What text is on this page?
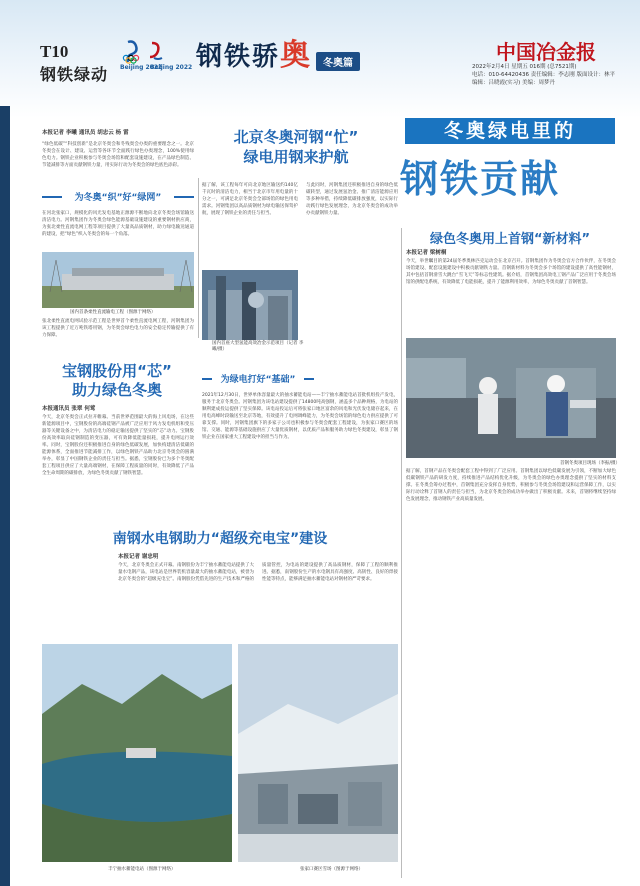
T10
钢铁绿动 Beijing 2022
Beijing 2022 钢铁骄奥	冬奥篇	中国冶金报
2022年2月4日 星期五 016期 (总7521期)
电话：010-64420436 责任编辑：李志刚 版面设计：林平
编辑：吕晓霞(实习) 美编：周梦丹
冬奥绿电里的
钢铁贡献
本报记者 李曦 通讯员 胡忠云 杨 雷
“绿色低碳”“科技创新”是北京冬奥会和冬残奥会办奥的重要理念之一。北京冬奥会在设计、建设、运营等各环节全面践行绿色办奥理念，100%使用绿色电力。钢铁企业积极参与冬奥会场馆和配套设施建设，在产品绿色制造、节能减排等方面贡献钢铁力量，用实际行动为冬奥会的绿色底色添彩。
北京冬奥河钢“忙”
绿电用钢来护航
为冬奥“织”好“绿网”
在河北张家口，规模化的风光发电基地正源源不断地向北京冬奥会场馆输送清洁电力。河钢集团作为冬奥会绿色能源基础设施建设的重要钢材供应商，为张北柔性直流电网工程等项目提供了大量高品质钢材，助力绿电输送通道的建设，把“绿色”织入冬奥会的每一个角落。
国内首条柔性直流输电工程（图源于网络）
张北柔性直流电网试验示范工程是世界首个柔性直流电网工程，河钢集团为该工程提供了近万吨铁塔用钢，为冬奥会绿色电力的安全稳定传输提供了有力保障。
据了解，该工程每年可向北京地区输送约140亿千瓦时的清洁电力，相当于北京市年用电量的十分之一，可满足北京冬奥会全部场馆的绿色用电需求。河钢集团以高品质钢材为绿电输送保驾护航，展现了钢铁企业的责任与担当。
国内首座大型氢能高效冶金示范项目（记者 李曦/摄）
与此同时，河钢集团还积极推进自身的绿色低碳转型，通过发展氢冶金、推广清洁能源应用等多种举措，持续降低碳排放强度，以实际行动践行绿色发展理念，为北京冬奥会的成功举办贡献钢铁力量。
宝钢股份用“芯”
助力绿色冬奥
本报通讯员 张翠 何莺
今天，北京冬奥会正式拉开帷幕。当前世界范围最大的海上风电场，在这些新能源项目中，宝钢股份的高端硅钢产品被广泛应用于风力发电机组和变压器等关键设备之中，为清洁电力的稳定输送提供了坚实的“芯”动力。宝钢股份高效率取向硅钢制造的变压器，可有效降低能量损耗，提升电网运行效率。同时，宝钢股份还积极推进自身的绿色低碳发展，加快构建清洁低碳的能源体系，全面推进节能减排工作，以绿色钢铁产品助力北京冬奥会的圆满举办，彰显了中国钢铁企业的责任与担当。据悉，宝钢股份已为多个冬奥配套工程项目供应了大量高端钢材，在保障工程质量的同时，有效降低了产品全生命周期的碳排放，为绿色冬奥贡献了钢铁智慧。
为绿电打好“基础”
2021年12月30日，世界单体容量最大的抽水蓄能电站——丰宁抽水蓄能电站首批机组投产发电，服务于北京冬奥会。河钢集团为该电站建设提供了14800吨高强钢，涵盖多个品种规格，为电站的顺利建成投运提供了坚实保障。该电站投运后可将张家口地区富余的风电和光伏发电储存起来，在用电高峰时段输送至北京等地，有效提升了电网调峰能力，为冬奥会场馆的绿色电力供应提供了可靠支撑。同时，河钢集团旗下的多家子公司也积极参与冬奥会配套工程建设，为张家口赛区的场馆、交通、能源等基础设施供应了大量优质钢材，以优质产品和服务助力绿色冬奥建设，彰显了钢铁企业在国家重大工程建设中的担当与作为。
绿色冬奥用上首钢“新材料”
本报记者 梁树桐
今天，举世瞩目的第24届冬季奥林匹克运动会在北京召开。首钢集团作为冬奥会官方合作伙伴，在冬奥会场馆建设、配套设施建设中积极贡献钢铁力量。首钢新材料为冬奥会多个场馆的建设提供了高性能钢材，其中包括首钢滑雪大跳台“雪飞天”等标志性建筑。据介绍，首钢集团高效电工钢产品广泛应用于冬奥会场馆的供配电系统，有效降低了电能损耗，提升了能源利用效率，为绿色冬奥贡献了首钢智慧。
首钢冬奥项目现场（李振/摄）
据了解，首钢产品在冬奥会配套工程中得到了广泛应用。首钢集团以绿色低碳发展为引领，不断加大绿色低碳钢铁产品的研发力度，持续推进产品结构优化升级，为冬奥会的绿色办奥理念提供了坚实的材料支撑。在冬奥会筹办过程中，首钢集团充分发挥自身优势，积极参与冬奥会场馆建设和运营保障工作，以实际行动诠释了首钢人的责任与担当，为北京冬奥会的成功举办做出了积极贡献。未来，首钢将继续坚持绿色发展理念，推动钢铁产业高质量发展。
南钢水电钢助力“超级充电宝”建设
本报记者 谢忠明
今天，北京冬奥会正式开幕。南钢股份为丰宁抽水蓄能电站提供了大量水电钢产品，该电站是世界装机容量最大的抽水蓄能电站，被誉为北京冬奥会的“超级充电宝”。南钢股份凭借先进的生产技术和严格的质量管控，为电站的建设提供了高品质钢材，保障了工程的顺利推进。据悉，南钢股份生产的水电钢具有高强度、高韧性、良好的焊接性能等特点，能够满足抽水蓄能电站对钢材的严苛要求。
丰宁抽水蓄能电站（图源于网络）	张家口赛区雪场（图源于网络）
